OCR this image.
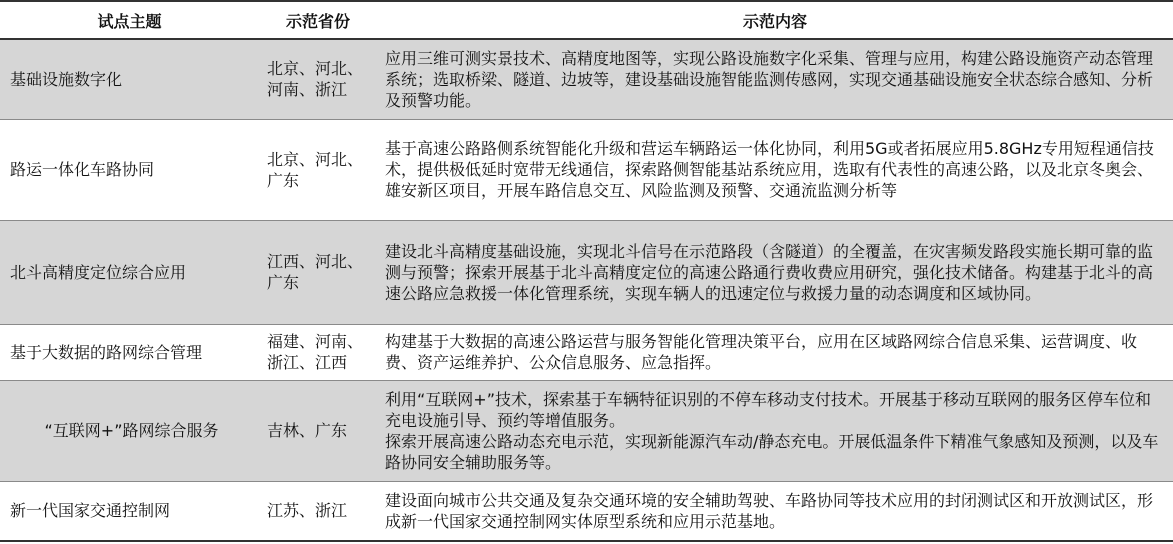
试点主题	示范省份	示范内容
基础设施数字化	北京、河北、河南、浙江	应用三维可测实景技术、高精度地图等，实现公路设施数字化采集、管理与应用，构建公路设施资产动态管理系统；选取桥梁、隧道、边坡等，建设基础设施智能监测传感网，实现交通基础设施安全状态综合感知、分析及预警功能。

路运一体化车路协同	北京、河北、广东	基于高速公路路侧系统智能化升级和营运车辆路运一体化协同，利用5G或者拓展应用5.8GHz专用短程通信技术，提供极低延时宽带无线通信，探索路侧智能基站系统应用，选取有代表性的高速公路，以及北京冬奥会、雄安新区项目，开展车路信息交互、风险监测及预警、交通流监测分析等

北斗高精度定位综合应用	江西、河北、广东	建设北斗高精度基础设施，实现北斗信号在示范路段（含隧道）的全覆盖，在灾害频发路段实施长期可靠的监测与预警；探索开展基于北斗高精度定位的高速公路通行费收费应用研究，强化技术储备。构建基于北斗的高速公路应急救援一体化管理系统，实现车辆人的迅速定位与救援力量的动态调度和区域协同。

基于大数据的路网综合管理	福建、河南、浙江、江西	构建基于大数据的高速公路运营与服务智能化管理决策平台，应用在区域路网综合信息采集、运营调度、收费、资产运维养护、公众信息服务、应急指挥。

“互联网+”路网综合服务	吉林、广东	利用“互联网+”技术，探索基于车辆特征识别的不停车移动支付技术。开展基于移动互联网的服务区停车位和充电设施引导、预约等增值服务。
探索开展高速公路动态充电示范，实现新能源汽车动/静态充电。开展低温条件下精准气象感知及预测，以及车路协同安全辅助服务等。

新一代国家交通控制网	江苏、浙江	建设面向城市公共交通及复杂交通环境的安全辅助驾驶、车路协同等技术应用的封闭测试区和开放测试区，形成新一代国家交通控制网实体原型系统和应用示范基地。
